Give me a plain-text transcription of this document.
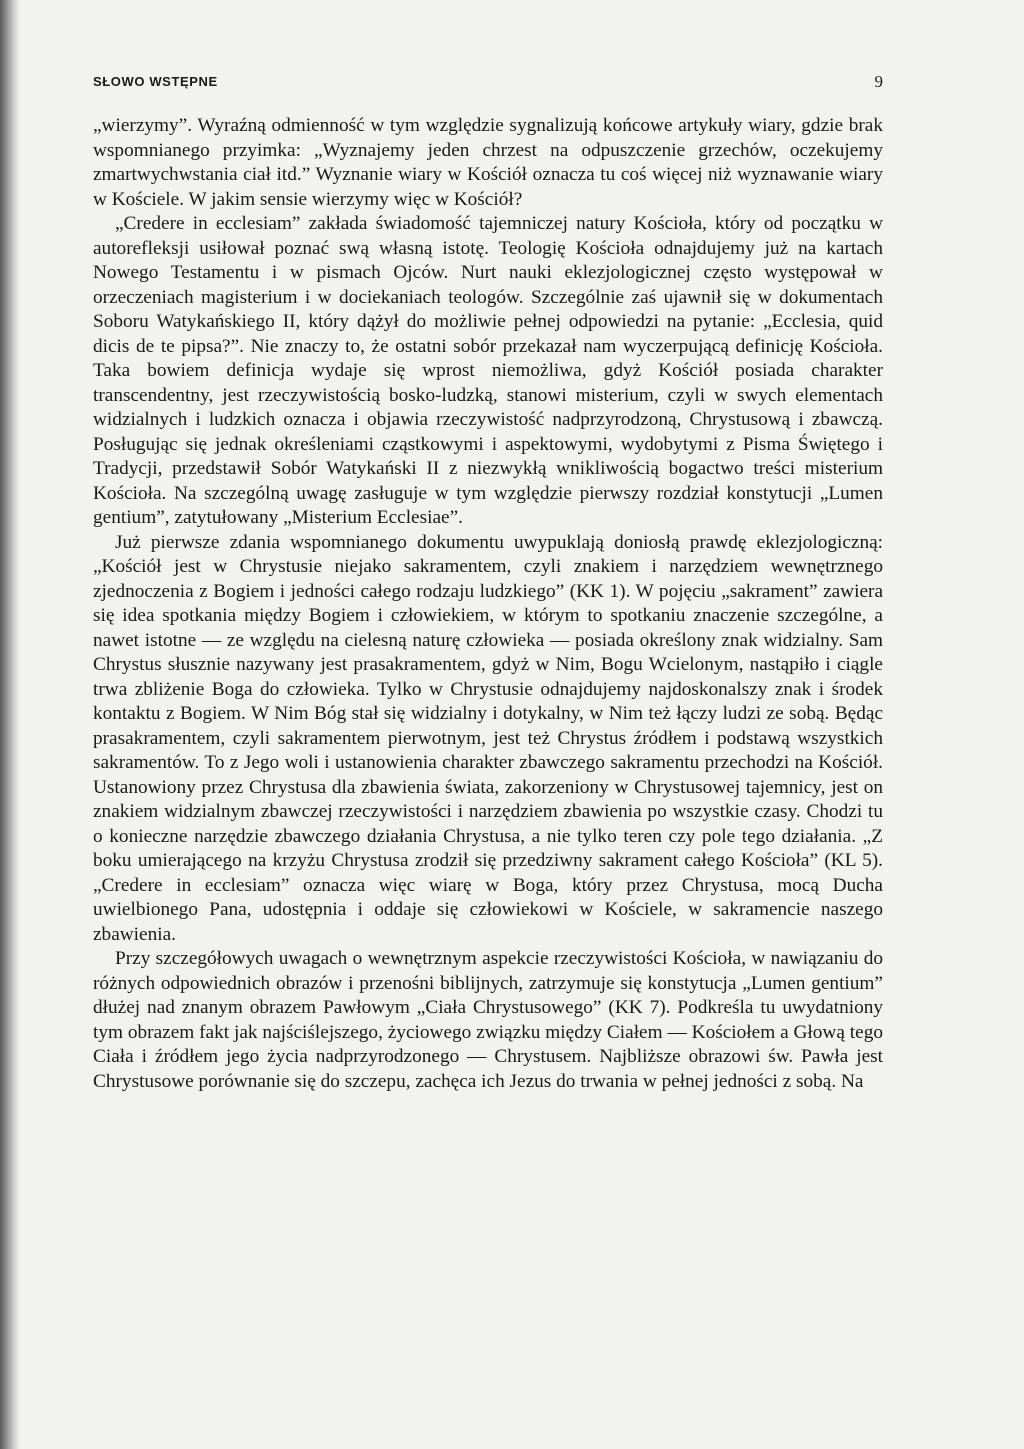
SŁOWO WSTĘPNE	9

„wierzymy”. Wyraźną odmienność w tym względzie sygnalizują końcowe artykuły wiary, gdzie brak wspomnianego przyimka: „Wyznajemy jeden chrzest na odpuszczenie grzechów, oczekujemy zmartwychwstania ciał itd.” Wyznanie wiary w Kościół oznacza tu coś więcej niż wyznawanie wiary w Kościele. W jakim sensie wierzymy więc w Kościół?

„Credere in ecclesiam” zakłada świadomość tajemniczej natury Kościoła, który od początku w autorefleksji usiłował poznać swą własną istotę. Teologię Kościoła odnajdujemy już na kartach Nowego Testamentu i w pismach Ojców. Nurt nauki eklezjologicznej często występował w orzeczeniach magisterium i w dociekaniach teologów. Szczególnie zaś ujawnił się w dokumentach Soboru Watykańskiego II, który dążył do możliwie pełnej odpowiedzi na pytanie: „Ecclesia, quid dicis de te pipsa?”. Nie znaczy to, że ostatni sobór przekazał nam wyczerpującą definicję Kościoła. Taka bowiem definicja wydaje się wprost niemożliwa, gdyż Kościół posiada charakter transcendentny, jest rzeczywistością bosko-ludzką, stanowi misterium, czyli w swych elementach widzialnych i ludzkich oznacza i objawia rzeczywistość nadprzyrodzoną, Chrystusową i zbawczą. Posługując się jednak określeniami cząstkowymi i aspektowymi, wydobytymi z Pisma Świętego i Tradycji, przedstawił Sobór Watykański II z niezwykłą wnikliwością bogactwo treści misterium Kościoła. Na szczególną uwagę zasługuje w tym względzie pierwszy rozdział konstytucji „Lumen gentium”, zatytułowany „Misterium Ecclesiae”.

Już pierwsze zdania wspomnianego dokumentu uwypuklają doniosłą prawdę eklezjologiczną: „Kościół jest w Chrystusie niejako sakramentem, czyli znakiem i narzędziem wewnętrznego zjednoczenia z Bogiem i jedności całego rodzaju ludzkiego” (KK 1). W pojęciu „sakrament” zawiera się idea spotkania między Bogiem i człowiekiem, w którym to spotkaniu znaczenie szczególne, a nawet istotne — ze względu na cielesną naturę człowieka — posiada określony znak widzialny. Sam Chrystus słusznie nazywany jest prasakramentem, gdyż w Nim, Bogu Wcielonym, nastąpiło i ciągle trwa zbliżenie Boga do człowieka. Tylko w Chrystusie odnajdujemy najdoskonalszy znak i środek kontaktu z Bogiem. W Nim Bóg stał się widzialny i dotykalny, w Nim też łączy ludzi ze sobą. Będąc prasakramentem, czyli sakramentem pierwotnym, jest też Chrystus źródłem i podstawą wszystkich sakramentów. To z Jego woli i ustanowienia charakter zbawczego sakramentu przechodzi na Kościół. Ustanowiony przez Chrystusa dla zbawienia świata, zakorzeniony w Chrystusowej tajemnicy, jest on znakiem widzialnym zbawczej rzeczywistości i narzędziem zbawienia po wszystkie czasy. Chodzi tu o konieczne narzędzie zbawczego działania Chrystusa, a nie tylko teren czy pole tego działania. „Z boku umierającego na krzyżu Chrystusa zrodził się przedziwny sakrament całego Kościoła” (KL 5). „Credere in ecclesiam” oznacza więc wiarę w Boga, który przez Chrystusa, mocą Ducha uwielbionego Pana, udostępnia i oddaje się człowiekowi w Kościele, w sakramencie naszego zbawienia.

Przy szczegółowych uwagach o wewnętrznym aspekcie rzeczywistości Kościoła, w nawiązaniu do różnych odpowiednich obrazów i przenośni biblijnych, zatrzymuje się konstytucja „Lumen gentium” dłużej nad znanym obrazem Pawłowym „Ciała Chrystusowego” (KK 7). Podkreśla tu uwydatniony tym obrazem fakt jak najściślejszego, życiowego związku między Ciałem — Kościołem a Głową tego Ciała i źródłem jego życia nadprzyrodzonego — Chrystusem. Najbliższe obrazowi św. Pawła jest Chrystusowe porównanie się do szczepu, zachęca ich Jezus do trwania w pełnej jedności z sobą. Na
